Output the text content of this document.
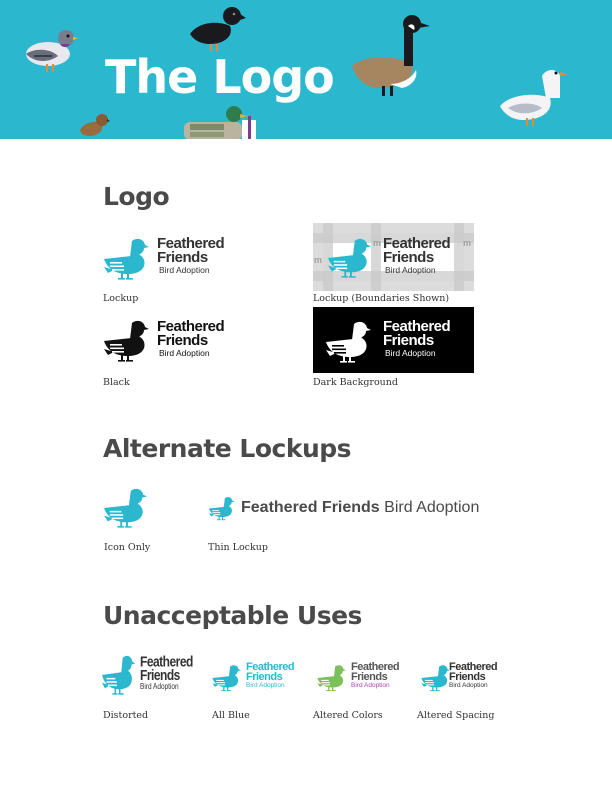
The Logo
Logo
Feathered
Friends
Bird Adoption
Lockup
m
m	m
Feathered
Friends
Bird Adoption
Lockup (Boundaries Shown)
Feathered
Friends
Bird Adoption
Black
Feathered
Friends
Bird Adoption
Dark Background
Alternate Lockups
Icon Only
Feathered Friends Bird Adoption
Thin Lockup
Unacceptable Uses
Feathered
Friends
Bird Adoption
Distorted
Feathered
Friends
Bird Adoption
All Blue
Feathered
Friends
Bird Adoption
Altered Colors
Feathered
Friends
Bird Adoption
Altered Spacing
